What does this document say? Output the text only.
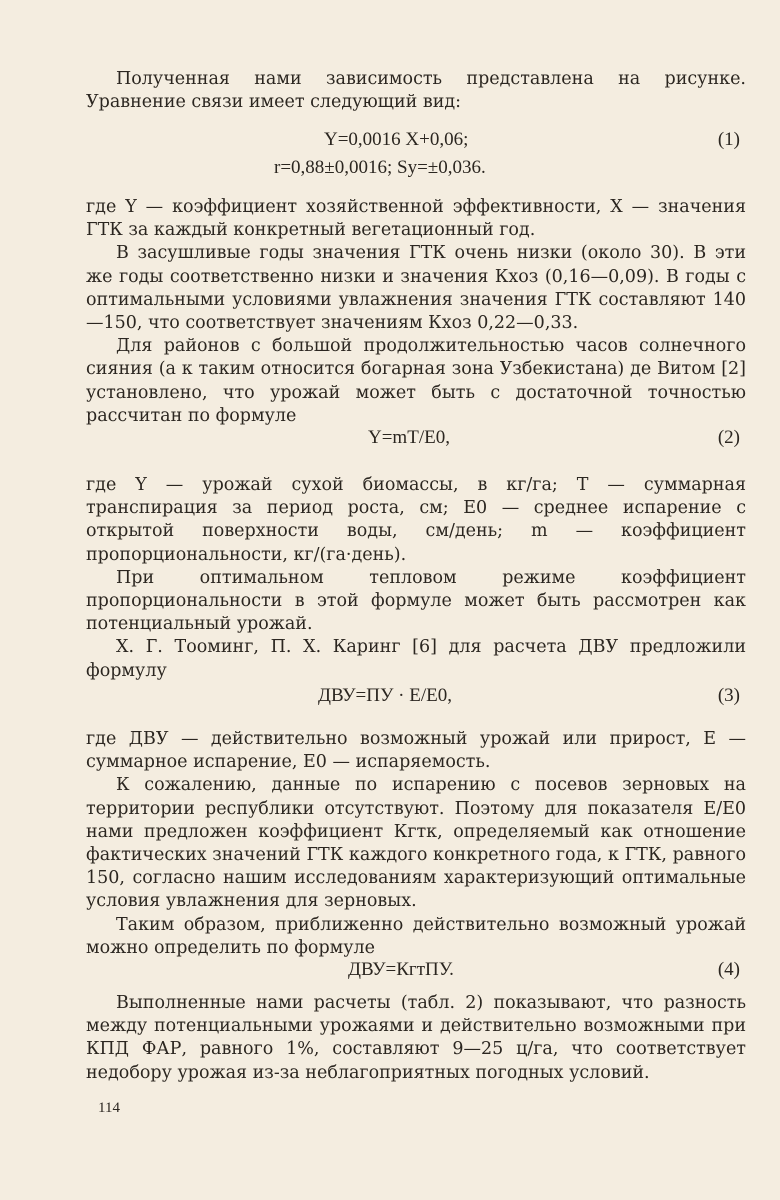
Полученная нами зависимость представлена на рисунке. Уравнение связи имеет следующий вид:

Y=0,0016 X+0,06;	(1)
r=0,88±0,0016; Sy=±0,036.

где Y — коэффициент хозяйственной эффективности, X — значения ГТК за каждый конкретный вегетационный год.

В засушливые годы значения ГТК очень низки (около 30). В эти же годы соответственно низки и значения Кхоз (0,16—0,09). В годы с оптимальными условиями увлажнения значения ГТК составляют 140—150, что соответствует значениям Кхоз 0,22—0,33.

Для районов с большой продолжительностью часов солнечного сияния (а к таким относится богарная зона Узбекистана) де Витом [2] установлено, что урожай может быть с достаточной точностью рассчитан по формуле

Y=mT/E0,	(2)

где Y — урожай сухой биомассы, в кг/га; T — суммарная транспирация за период роста, см; E0 — среднее испарение с открытой поверхности воды, см/день; m — коэффициент пропорциональности, кг/(га·день).

При оптимальном тепловом режиме коэффициент пропорциональности в этой формуле может быть рассмотрен как потенциальный урожай.

Х. Г. Тооминг, П. Х. Каринг [6] для расчета ДВУ предложили формулу

ДВУ=ПУ · E/E0,	(3)

где ДВУ — действительно возможный урожай или прирост, E — суммарное испарение, E0 — испаряемость.

К сожалению, данные по испарению с посевов зерновых на территории республики отсутствуют. Поэтому для показателя E/E0 нами предложен коэффициент Кгтк, определяемый как отношение фактических значений ГТК каждого конкретного года, к ГТК, равного 150, согласно нашим исследованиям характеризующий оптимальные условия увлажнения для зерновых.

Таким образом, приближенно действительно возможный урожай можно определить по формуле

ДВУ=КгтПУ.	(4)

Выполненные нами расчеты (табл. 2) показывают, что разность между потенциальными урожаями и действительно возможными при КПД ФАР, равного 1%, составляют 9—25 ц/га, что соответствует недобору урожая из-за неблагоприятных погодных условий.

114
